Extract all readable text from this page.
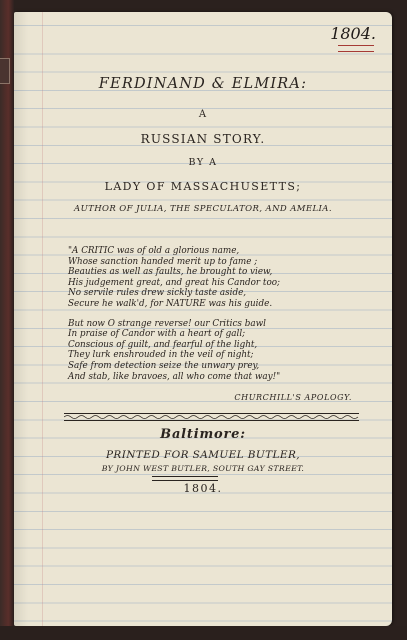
1804.
FERDINAND & ELMIRA:
A
RUSSIAN STORY.
BY A
LADY OF MASSACHUSETTS;
AUTHOR OF JULIA, THE SPECULATOR, AND AMELIA.
"A CRITIC was of old a glorious name,
Whose sanction handed merit up to fame ;
Beauties as well as faults, he brought to view,
His judgement great, and great his Candor too;
No servile rules drew sickly taste aside,
Secure he walk'd, for NATURE was his guide.
But now O strange reverse! our Critics bawl
In praise of Candor with a heart of gall;
Conscious of guilt, and fearful of the light,
They lurk enshrouded in the veil of night;
Safe from detection seize the unwary prey,
And stab, like bravoes, all who come that way!"
CHURCHILL'S APOLOGY.
Baltimore:
PRINTED FOR SAMUEL BUTLER,
BY JOHN WEST BUTLER, SOUTH GAY STREET.
1804.
